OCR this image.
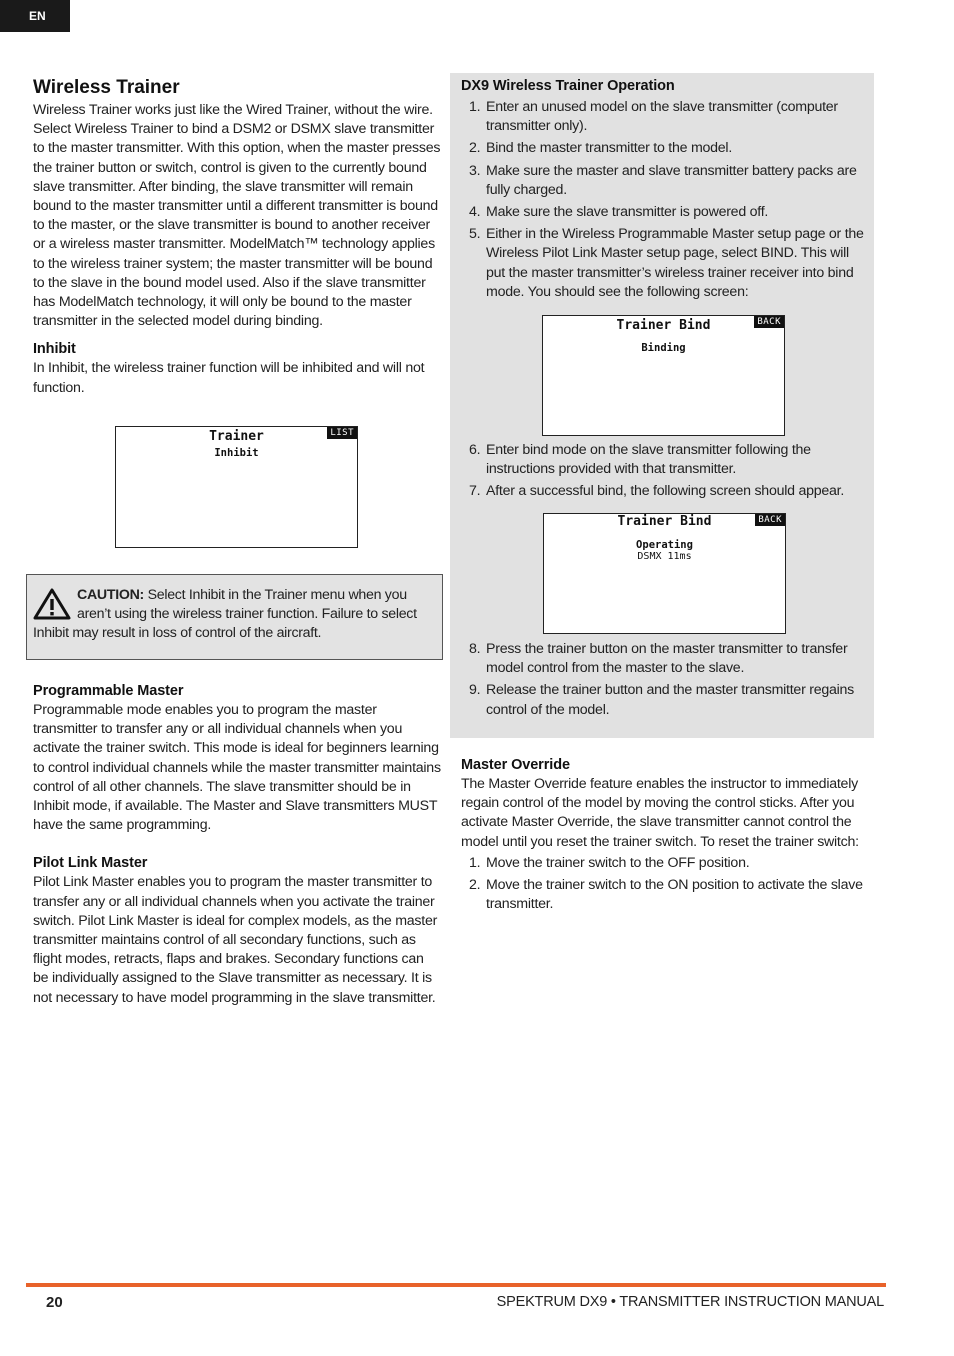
EN
Wireless Trainer

Wireless Trainer works just like the Wired Trainer, without the wire. Select Wireless Trainer to bind a DSM2 or DSMX slave transmitter to the master transmitter. With this option, when the master presses the trainer button or switch, control is given to the currently bound slave transmitter. After binding, the slave transmitter will remain bound to the master transmitter until a different transmitter is bound to the master, or the slave transmitter is bound to another receiver or a wireless master transmitter. ModelMatch™ technology applies to the wireless trainer system; the master transmitter will be bound to the slave in the bound model used. Also if the slave transmitter has ModelMatch technology, it will only be bound to the master transmitter in the selected model during binding.

Inhibit

In Inhibit, the wireless trainer function will be inhibited and will not function.

Trainer
Inhibit
LIST
CAUTION: Select Inhibit in the Trainer menu when you aren’t using the wireless trainer function. Failure to select Inhibit may result in loss of control of the aircraft.
Programmable Master

Programmable mode enables you to program the master transmitter to transfer any or all individual channels when you activate the trainer switch. This mode is ideal for beginners learning to control individual channels while the master transmitter maintains control of all other channels. The slave transmitter should be in Inhibit mode, if available. The Master and Slave transmitters MUST have the same programming.

Pilot Link Master

Pilot Link Master enables you to program the master transmitter to transfer any or all individual channels when you activate the trainer switch. Pilot Link Master is ideal for complex models, as the master transmitter maintains control of all secondary functions, such as flight modes, retracts, flaps and brakes. Secondary functions can be individually assigned to the Slave transmitter as necessary. It is not necessary to have model programming in the slave transmitter.

DX9 Wireless Trainer Operation
1. Enter an unused model on the slave transmitter (computer transmitter only).
2. Bind the master transmitter to the model.
3. Make sure the master and slave transmitter battery packs are fully charged.
4. Make sure the slave transmitter is powered off.
5. Either in the Wireless Programmable Master setup page or the Wireless Pilot Link Master setup page, select BIND. This will put the master transmitter’s wireless trainer receiver into bind mode. You should see the following screen:
Trainer Bind
Binding
BACK
6. Enter bind mode on the slave transmitter following the instructions provided with that transmitter.
7. After a successful bind, the following screen should appear.
Trainer Bind
Operating
DSMX 11ms
BACK
8. Press the trainer button on the master transmitter to transfer model control from the master to the slave.
9. Release the trainer button and the master transmitter regains control of the model.
Master Override

The Master Override feature enables the instructor to immediately regain control of the model by moving the control sticks. After you activate Master Override, the slave transmitter cannot control the model until you reset the trainer switch. To reset the trainer switch:

1. Move the trainer switch to the OFF position.
2. Move the trainer switch to the ON position to activate the slave transmitter.
20	SPEKTRUM DX9 • TRANSMITTER INSTRUCTION MANUAL
